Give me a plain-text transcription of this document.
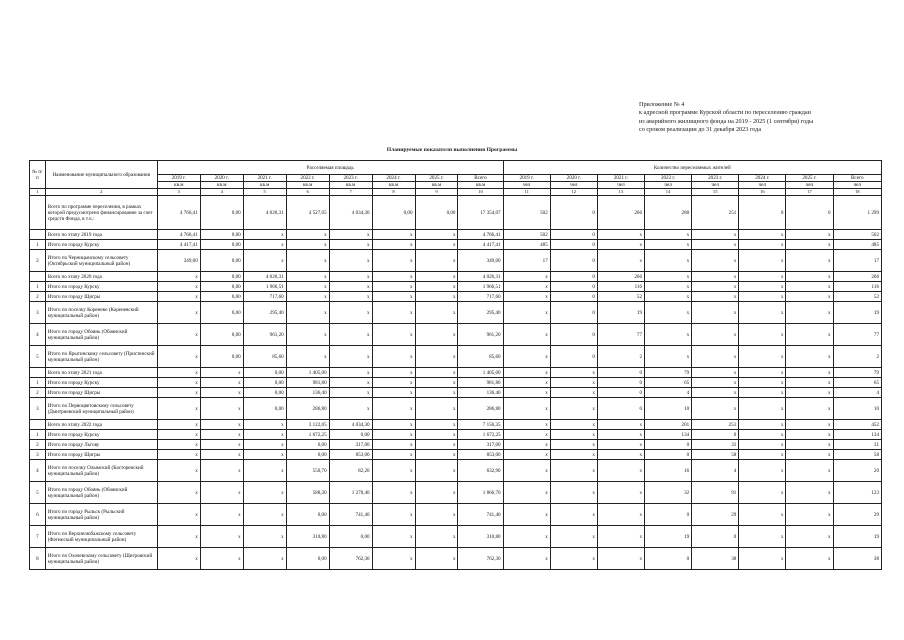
Приложение № 4
к адресной программе Курской области по переселению граждан
из аварийного жилищного фонда на 2019 - 2025 (1 сентября) годы
со сроком реализации до 31 декабря 2023 года
Планируемые показатели выполнения Программы
№ п/п	Наименование муниципального образования	Расселяемая площадь								Количество переселяемых жителей							
		2019 г.	2020 г.	2021 г.	2022 г.	2023 г.	2024 г.	2025 г.	Всего	2019 г.	2020 г.	2021 г.	2022 г.	2023 г.	2024 г.	2025 г.	Всего
		кв.м	кв.м	кв.м	кв.м	кв.м	кв.м	кв.м	кв.м	чел	чел	чел	чел	чел	чел	чел	чел
1	2	3	4	5	6	7	8	9	10	11	12	13	14	15	16	17	18
	Всего по программе переселения, в рамках которой предусмотрено финансирование за счет средств Фонда, в т.ч.:	4 766,41	0,00	4 026,31	4 527,05	4 034,30	0,00	0,00	17 354,07	502	0	266	280	251	0	0	1 299
	Всего по этапу 2019 года	4 766,41	0,00	x	x	x	x	x	4 766,41	502	0	x	x	x	x	x	502
1	Итого по городу Курску	4 417,41	0,00	x	x	x	x	x	4 417,41	485	0	x	x	x	x	x	485
2	Итого по Черницынскому сельсовету (Октябрьский муниципальный район)	349,00	0,00	x	x	x	x	x	349,00	17	0	x	x	x	x	x	17
	Всего по этапу 2020 года	x	0,00	4 026,31	x	x	x	x	4 026,31	x	0	266	x	x	x	x	266
1	Итого по городу Курску	x	0,00	1 966,51	x	x	x	x	1 966,51	x	0	116	x	x	x	x	116
2	Итого по городу Щигры	x	0,00	717,60	x	x	x	x	717,60	x	0	52	x	x	x	x	52
3	Итого по поселку Коренево (Кореневский муниципальный район)	x	0,00	295,40	x	x	x	x	295,40	x	0	19	x	x	x	x	19
4	Итого по городу Обоянь (Обоянский муниципальный район)	x	0,00	961,20	x	x	x	x	961,20	x	0	77	x	x	x	x	77
5	Итого по Ярыгинскому сельсовету (Пристенский муниципальный район)	x	0,00	85,60	x	x	x	x	85,60	x	0	2	x	x	x	x	2
	Всего по этапу 2021 года	x	x	0,00	1 405,00	x	x	x	1 405,00	x	x	0	79	x	x	x	79
1	Итого по городу Курску	x	x	0,00	981,80	x	x	x	981,80	x	x	0	65	x	x	x	65
2	Итого по городу Щигры	x	x	0,00	136,40	x	x	x	136,40	x	x	0	4	x	x	x	4
3	Итого по Первоцветовскому сельсовету (Дмитриевский муниципальный район)	x	x	0,00	286,80	x	x	x	286,80	x	x	0	10	x	x	x	10
	Всего по этапу 2022 года	x	x	x	3 122,05	4 034,30	x	x	7 156,35	x	x	x	201	251	x	x	452
1	Итого по городу Курску	x	x	x	1 672,25	0,00	x	x	1 672,25	x	x	x	134	0	x	x	134
2	Итого по городу Льгову	x	x	x	0,00	317,00	x	x	317,00	x	x	x	0	31	x	x	31
3	Итого по городу Щигры	x	x	x	0,00	853,00	x	x	853,00	x	x	x	0	58	x	x	58
4	Итого по поселку Олымский (Касторенский муниципальный район)	x	x	x	550,70	82,20	x	x	632,90	x	x	x	16	4	x	x	20
5	Итого по городу Обоянь (Обоянский муниципальный район)	x	x	x	588,30	1 278,40	x	x	1 866,70	x	x	x	32	91	x	x	123
6	Итого по городу Рыльск (Рыльский муниципальный район)	x	x	x	0,00	741,40	x	x	741,40	x	x	x	0	29	x	x	29
7	Итого по Верхнелюбажскому сельсовету (Фатежский муниципальный район)	x	x	x	310,80	0,00	x	x	310,80	x	x	x	19	0	x	x	19
8	Итого по Охочевскому сельсовету (Щигровский муниципальный район)	x	x	x	0,00	762,30	x	x	762,30	x	x	x	0	38	x	x	38
